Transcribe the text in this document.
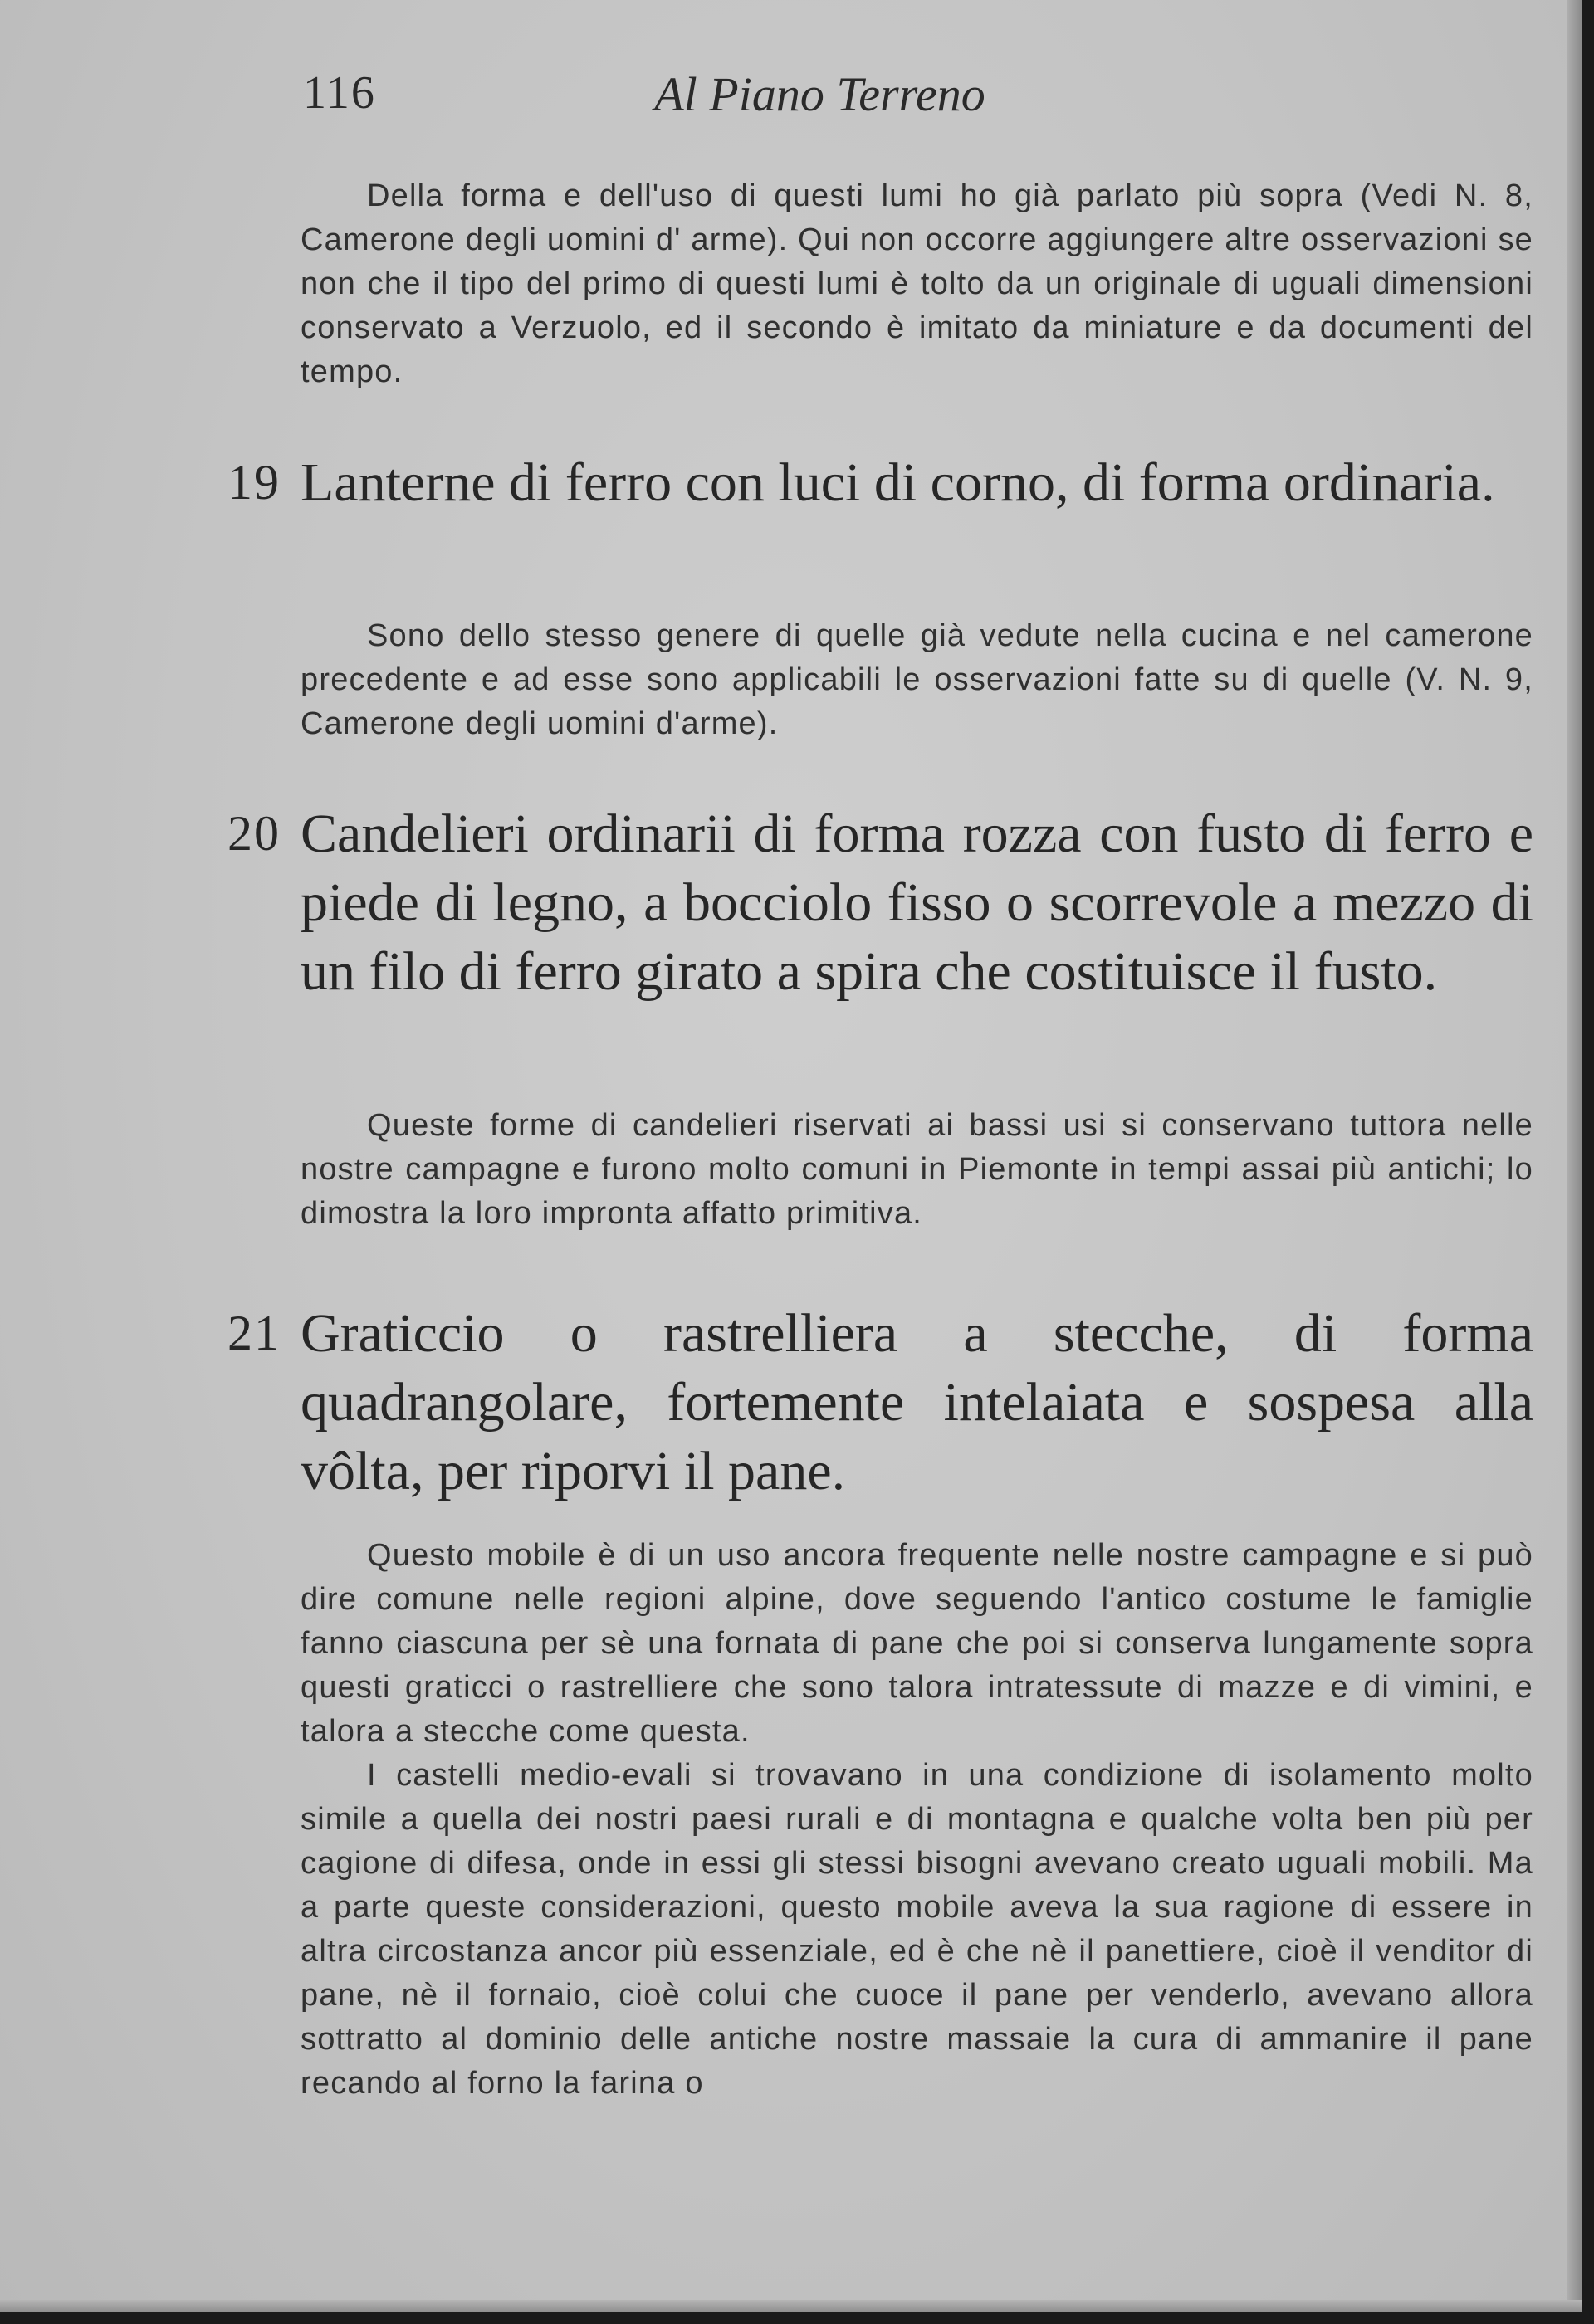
116	Al Piano Terreno

Della forma e dell'uso di questi lumi ho già parlato più sopra (Vedi N. 8, Camerone degli uomini d' arme). Qui non occorre aggiungere altre osservazioni se non che il tipo del primo di questi lumi è tolto da un originale di uguali dimensioni conservato a Verzuolo, ed il secondo è imitato da miniature e da documenti del tempo.

19 Lanterne di ferro con luci di corno, di forma ordinaria.

Sono dello stesso genere di quelle già vedute nella cucina e nel camerone precedente e ad esse sono applicabili le osservazioni fatte su di quelle (V. N. 9, Camerone degli uomini d'arme).

20 Candelieri ordinarii di forma rozza con fusto di ferro e piede di legno, a bocciolo fisso o scorrevole a mezzo di un filo di ferro girato a spira che costituisce il fusto.

Queste forme di candelieri riservati ai bassi usi si conservano tuttora nelle nostre campagne e furono molto comuni in Piemonte in tempi assai più antichi; lo dimostra la loro impronta affatto primitiva.

21 Graticcio o rastrelliera a stecche, di forma quadrangolare, fortemente intelaiata e sospesa alla vôlta, per riporvi il pane.

Questo mobile è di un uso ancora frequente nelle nostre campagne e si può dire comune nelle regioni alpine, dove seguendo l'antico costume le famiglie fanno ciascuna per sè una fornata di pane che poi si conserva lungamente sopra questi graticci o rastrelliere che sono talora intratessute di mazze e di vimini, e talora a stecche come questa.

I castelli medio-evali si trovavano in una condizione di isolamento molto simile a quella dei nostri paesi rurali e di montagna e qualche volta ben più per cagione di difesa, onde in essi gli stessi bisogni avevano creato uguali mobili. Ma a parte queste considerazioni, questo mobile aveva la sua ragione di essere in altra circostanza ancor più essenziale, ed è che nè il panettiere, cioè il venditor di pane, nè il fornaio, cioè colui che cuoce il pane per venderlo, avevano allora sottratto al dominio delle antiche nostre massaie la cura di ammanire il pane recando al forno la farina o
